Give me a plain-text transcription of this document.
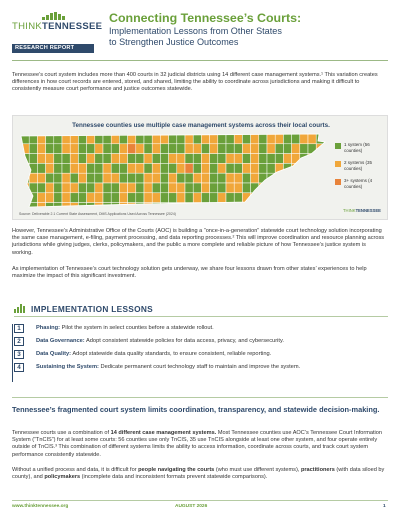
THINKTENNESSEE
RESEARCH REPORT
Connecting Tennessee’s Courts:
Implementation Lessons from Other States
to Strengthen Justice Outcomes

Tennessee’s court system includes more than 400 courts in 32 judicial districts using 14 different case management systems.¹ This variation creates differences in how court records are entered, stored, and shared, limiting the ability to coordinate across jurisdictions and making it difficult to consistently measure court performance and justice outcomes statewide.

Tennessee counties use multiple case management systems across their local courts.
1 system (56 counties)
2 systems (35 counties)
3+ systems (4 counties)
Source: Deliverable 2.1 Current State Assessment, DMS Applications Used Across Tennessee (2024)
THINKTENNESSEE

However, Tennessee’s Administrative Office of the Courts (AOC) is building a “once-in-a-generation” statewide court technology solution incorporating the same case management, e-filing, payment processing, and data reporting processes.² This will improve coordination and resource planning across jurisdictions while giving judges, clerks, policymakers, and the public a more complete and reliable picture of how Tennessee’s justice system is working.

As implementation of Tennessee’s court technology solution gets underway, we share four lessons drawn from other states’ experiences to help maximize the impact of this significant investment.

IMPLEMENTATION LESSONS
1	Phasing: Pilot the system in select counties before a statewide rollout.
2	Data Governance: Adopt consistent statewide policies for data access, privacy, and cybersecurity.
3	Data Quality: Adopt statewide data quality standards, to ensure consistent, reliable reporting.
4	Sustaining the System: Dedicate permanent court technology staff to maintain and improve the system.
Tennessee’s fragmented court system limits coordination, transparency, and statewide decision-making.

Tennessee courts use a combination of 14 different case management systems. Most Tennessee counties use AOC’s Tennessee Court Information System (“TnCIS”) for at least some courts: 56 counties use only TnCIS, 35 use TnCIS alongside at least one other system, and four operate entirely outside of TnCIS.³ This combination of different systems limits the ability to access information, coordinate across courts, and track court system performance consistently statewide.

Without a unified process and data, it is difficult for people navigating the courts (who must use different systems), practitioners (with data siloed by county), and policymakers (incomplete data and inconsistent formats prevent statewide comparisons).

www.thinktennessee.org	AUGUST 2026	1
